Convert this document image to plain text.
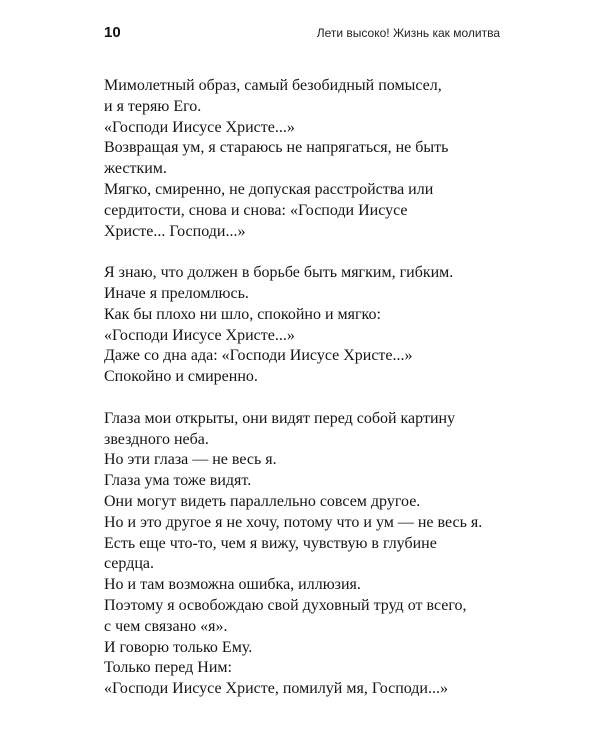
10	Лети высоко! Жизнь как молитва
Мимолетный образ, самый безобидный помысел,
и я теряю Его.
«Господи Иисусе Христе...»
Возвращая ум, я стараюсь не напрягаться, не быть
жестким.
Мягко, смиренно, не допуская расстройства или
сердитости, снова и снова: «Господи Иисусе
Христе... Господи...»
Я знаю, что должен в борьбе быть мягким, гибким.
Иначе я преломлюсь.
Как бы плохо ни шло, спокойно и мягко:
«Господи Иисусе Христе...»
Даже со дна ада: «Господи Иисусе Христе...»
Спокойно и смиренно.
Глаза мои открыты, они видят перед собой картину
звездного неба.
Но эти глаза — не весь я.
Глаза ума тоже видят.
Они могут видеть параллельно совсем другое.
Но и это другое я не хочу, потому что и ум — не весь я.
Есть еще что-то, чем я вижу, чувствую в глубине
сердца.
Но и там возможна ошибка, иллюзия.
Поэтому я освобождаю свой духовный труд от всего,
с чем связано «я».
И говорю только Ему.
Только перед Ним:
«Господи Иисусе Христе, помилуй мя, Господи...»
